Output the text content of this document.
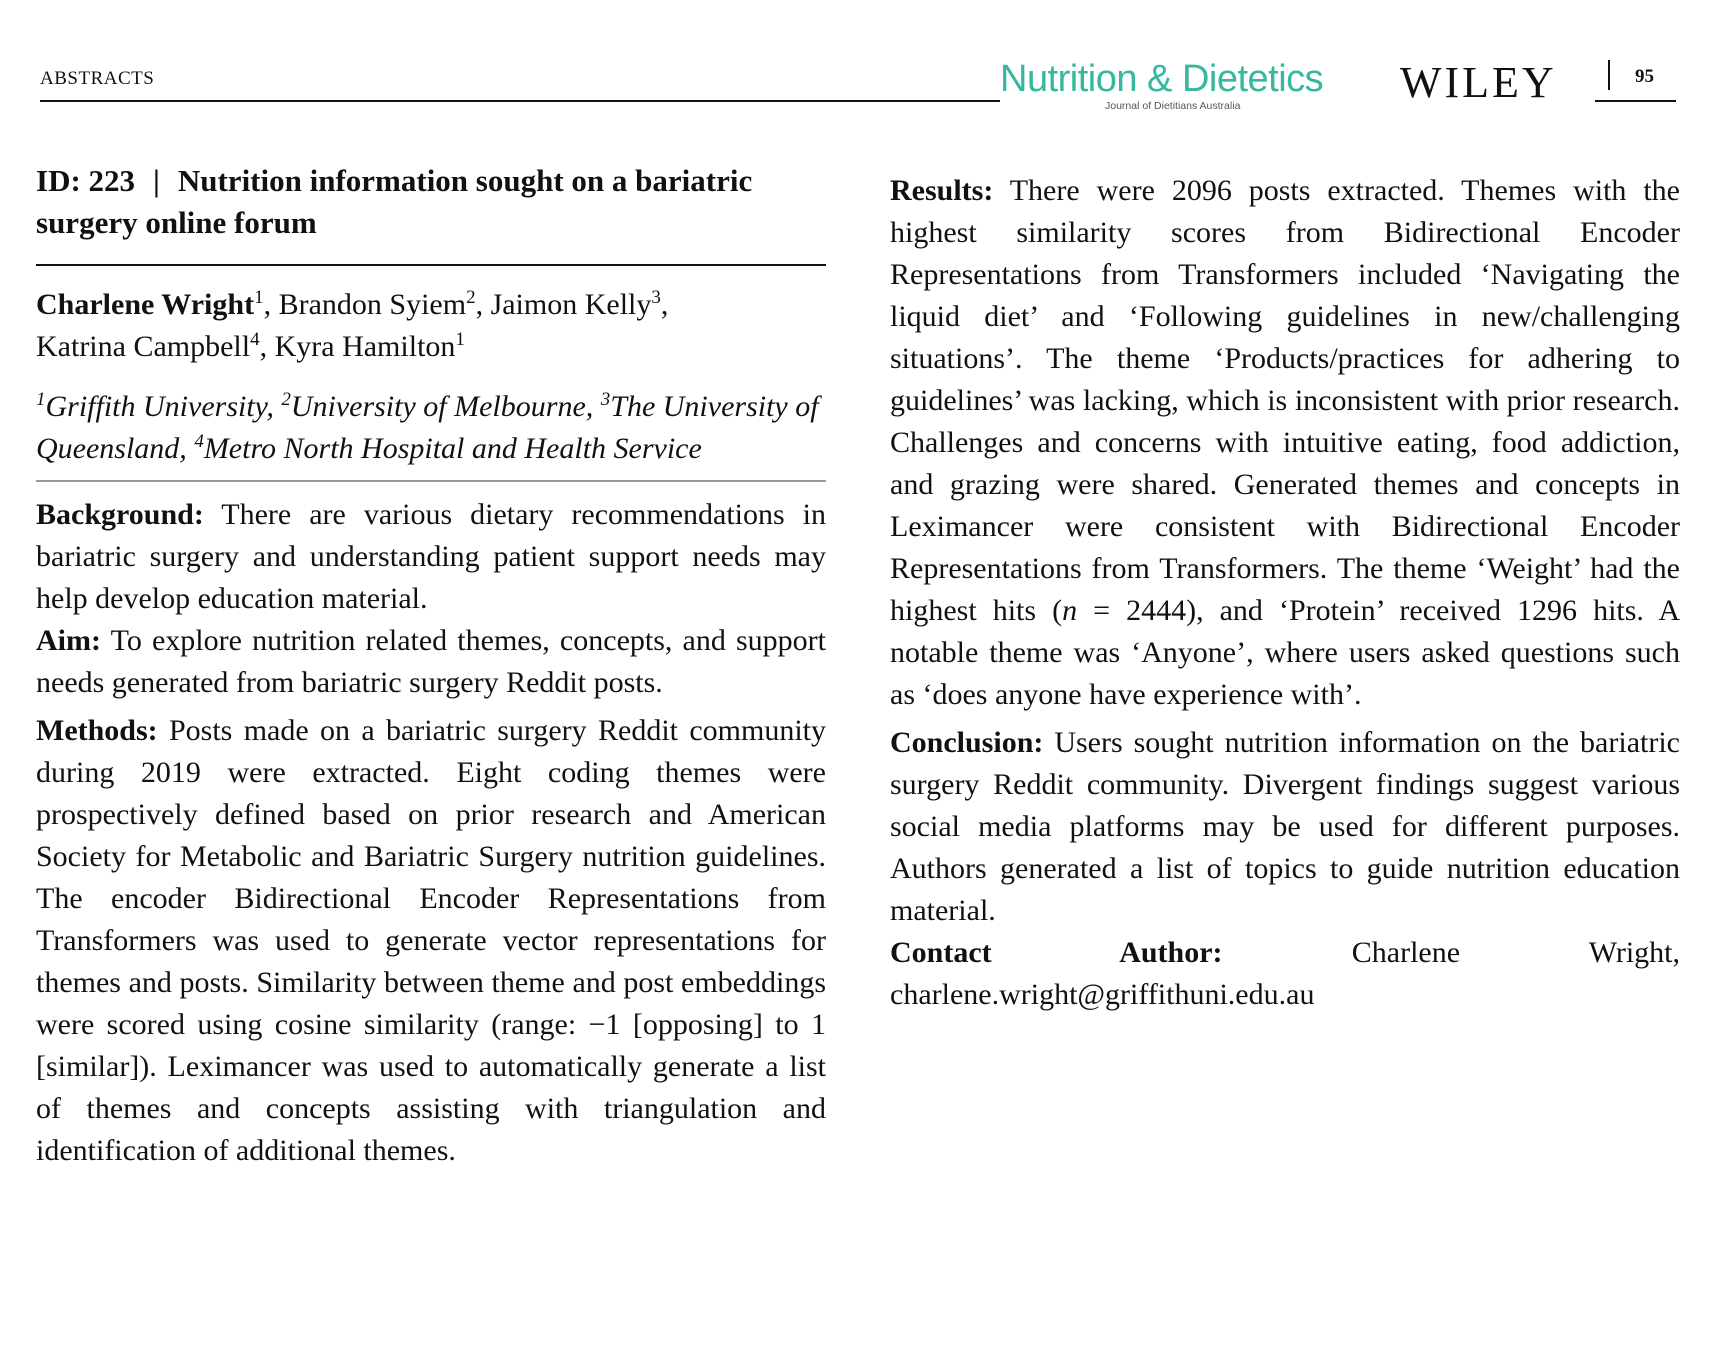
ABSTRACTS	Nutrition & Dietetics
Journal of Dietitians Australia	WILEY	95
ID: 223 | Nutrition information sought on a bariatric surgery online forum
Charlene Wright$^1$, Brandon Syiem$^2$, Jaimon Kelly$^3$,
Katrina Campbell$^4$, Kyra Hamilton$^1$
$^1$Griffith University, $^2$University of Melbourne, $^3$The University of Queensland, $^4$Metro North Hospital and Health Service
Background: There are various dietary recommendations in bariatric surgery and understanding patient support needs may help develop education material.
Aim: To explore nutrition related themes, concepts, and support needs generated from bariatric surgery Reddit posts.
Methods: Posts made on a bariatric surgery Reddit community during 2019 were extracted. Eight coding themes were prospectively defined based on prior research and American Society for Metabolic and Bariatric Surgery nutrition guidelines. The encoder Bidirectional Encoder Representations from Transformers was used to generate vector representations for themes and posts. Similarity between theme and post embeddings were scored using cosine similarity (range: −1 [opposing] to 1 [similar]). Leximancer was used to automatically generate a list of themes and concepts assisting with triangulation and identification of additional themes.
Results: There were 2096 posts extracted. Themes with the highest similarity scores from Bidirectional Encoder Representations from Transformers included ‘Navigating the liquid diet’ and ‘Following guidelines in new/challenging situations’. The theme ‘Products/practices for adhering to guidelines’ was lacking, which is inconsistent with prior research. Challenges and concerns with intuitive eating, food addiction, and grazing were shared. Generated themes and concepts in Leximancer were consistent with Bidirectional Encoder Representations from Transformers. The theme ‘Weight’ had the highest hits (n = 2444), and ‘Protein’ received 1296 hits. A notable theme was ‘Anyone’, where users asked questions such as ‘does anyone have experience with’.
Conclusion: Users sought nutrition information on the bariatric surgery Reddit community. Divergent findings suggest various social media platforms may be used for different purposes. Authors generated a list of topics to guide nutrition education material.
Contact Author: Charlene Wright, charlene.wright@griffithuni.edu.au
